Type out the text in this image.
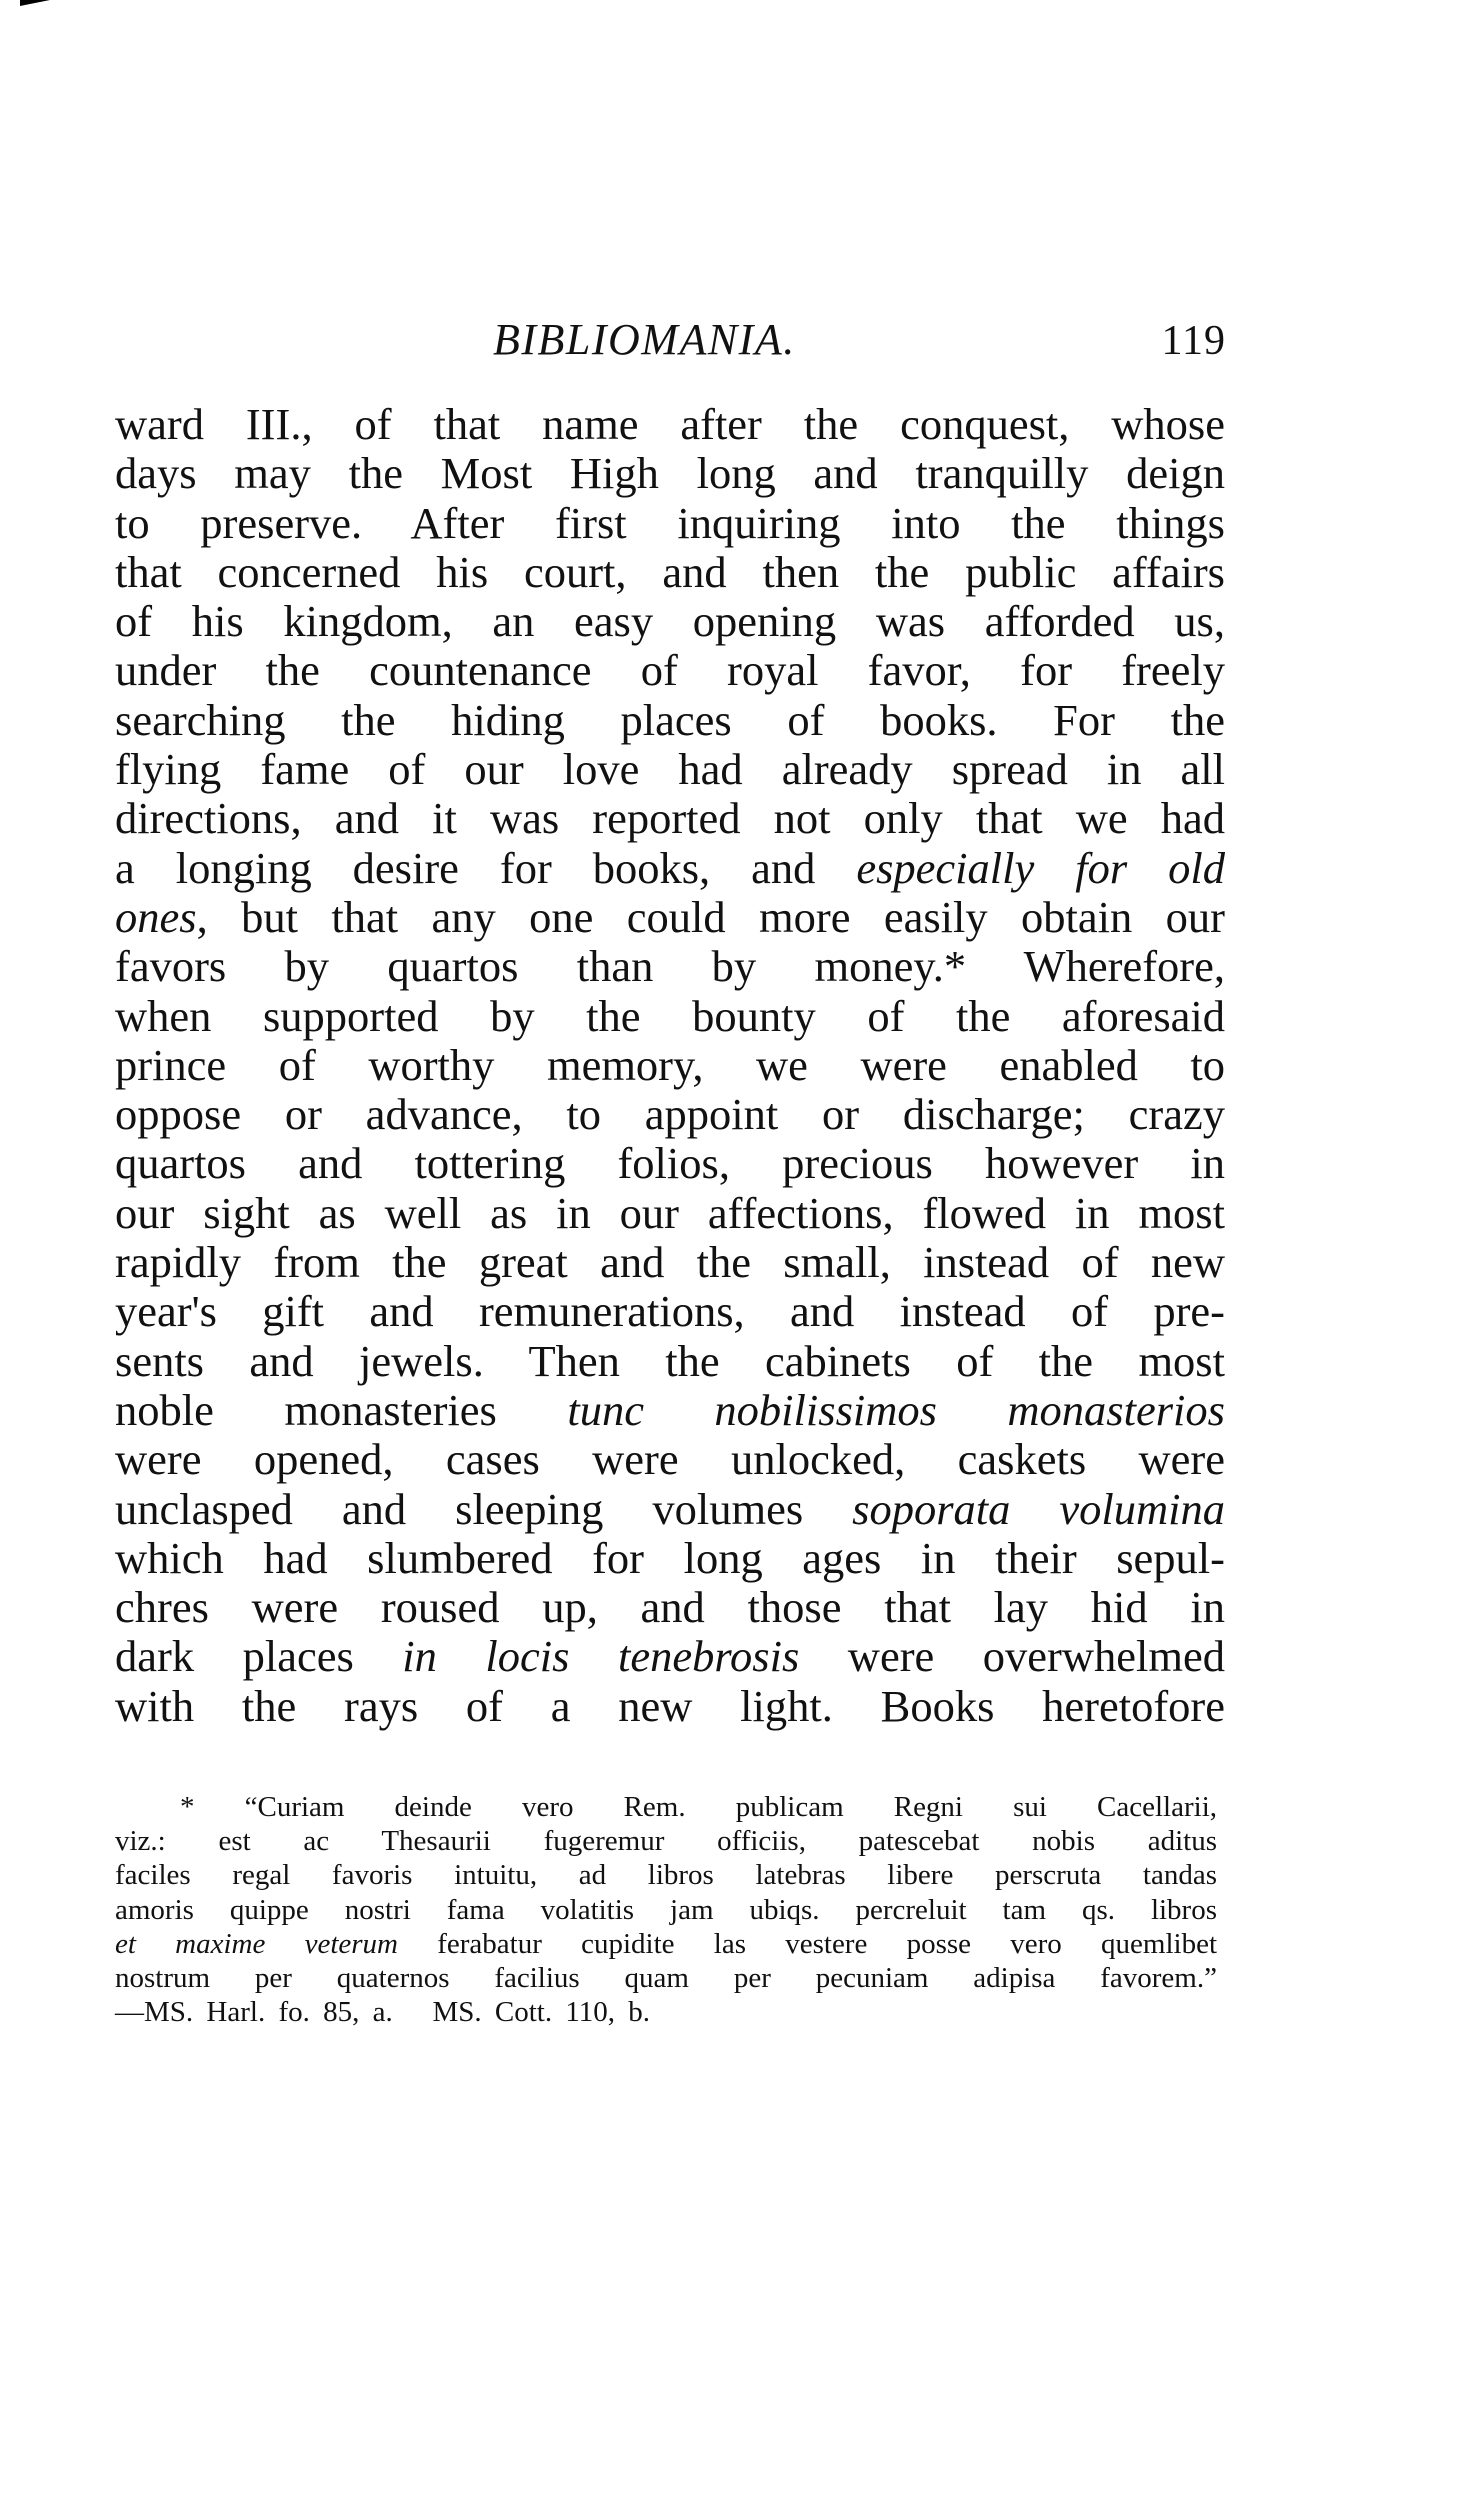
BIBLIOMANIA.	119
ward III., of that name after the conquest, whose
days may the Most High long and tranquilly deign
to preserve. After first inquiring into the things
that concerned his court, and then the public affairs
of his kingdom, an easy opening was afforded us,
under the countenance of royal favor, for freely
searching the hiding places of books. For the
flying fame of our love had already spread in all
directions, and it was reported not only that we had
a longing desire for books, and especially for old
ones, but that any one could more easily obtain our
favors by quartos than by money.* Wherefore,
when supported by the bounty of the aforesaid
prince of worthy memory, we were enabled to
oppose or advance, to appoint or discharge; crazy
quartos and tottering folios, precious however in
our sight as well as in our affections, flowed in most
rapidly from the great and the small, instead of new
year's gift and remunerations, and instead of pre-
sents and jewels. Then the cabinets of the most
noble monasteries tunc nobilissimos monasterios
were opened, cases were unlocked, caskets were
unclasped and sleeping volumes soporata volumina
which had slumbered for long ages in their sepul-
chres were roused up, and those that lay hid in
dark places in locis tenebrosis were overwhelmed
with the rays of a new light. Books heretofore
* “Curiam deinde vero Rem. publicam Regni sui Cacellarii,
viz.: est ac Thesaurii fugeremur officiis, patescebat nobis aditus
faciles regal favoris intuitu, ad libros latebras libere perscruta tandas
amoris quippe nostri fama volatitis jam ubiqs. percreluit tam qs. libros
et maxime veterum ferabatur cupidite las vestere posse vero quemlibet
nostrum per quaternos facilius quam per pecuniam adipisa favorem.”
—MS. Harl. fo. 85, a.   MS. Cott. 110, b.
